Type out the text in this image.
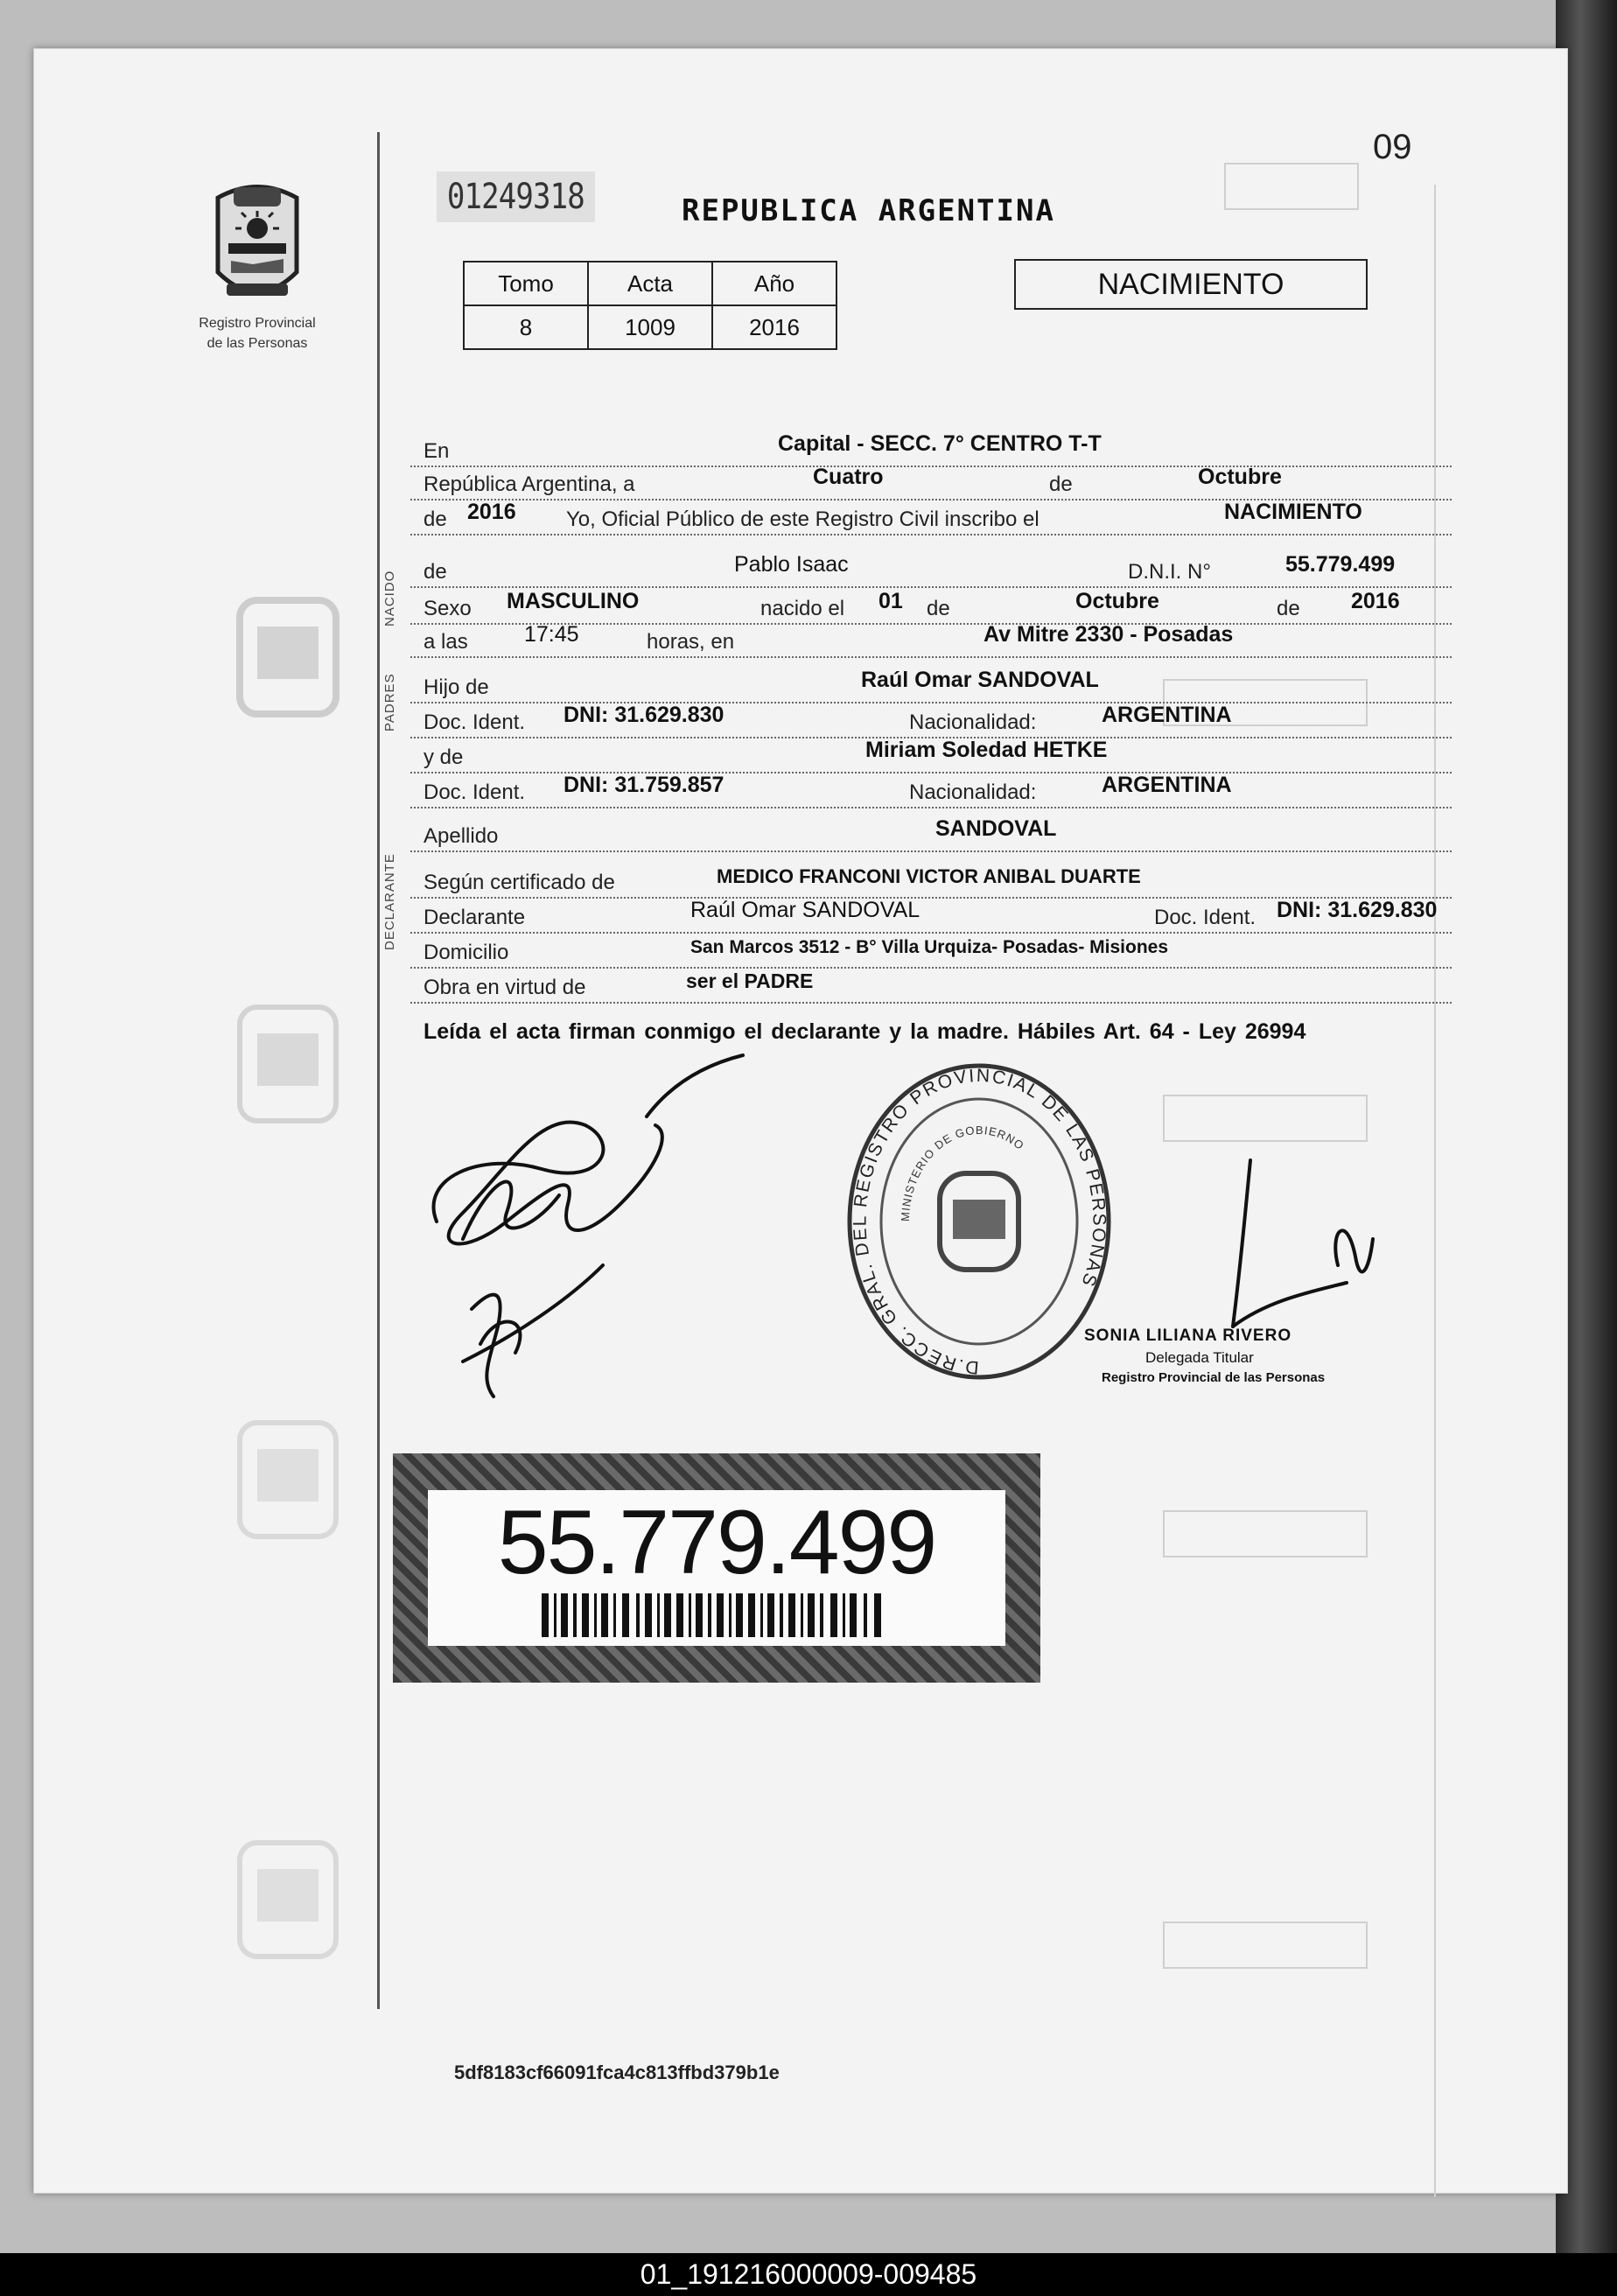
09
01249318	REPUBLICA ARGENTINA
Registro Provincial
de las Personas
Tomo	Acta	Año
8	1009	2016
NACIMIENTO
NACIDO
PADRES
DECLARANTE
En	Capital - SECC. 7° CENTRO T-T
República Argentina, a	Cuatro	de	Octubre
de 2016 Yo, Oficial Público de este Registro Civil inscribo el	NACIMIENTO
de	Pablo Isaac	D.N.I. N°	55.779.499
Sexo MASCULINO	nacido el 01 de	Octubre	de 2016
a las	17:45	horas, en	Av Mitre 2330 - Posadas
Hijo de	Raúl Omar SANDOVAL
Doc. Ident. DNI: 31.629.830	Nacionalidad:	ARGENTINA
y de	Miriam Soledad HETKE
Doc. Ident. DNI: 31.759.857	Nacionalidad:	ARGENTINA
Apellido	SANDOVAL
Según certificado de	MEDICO FRANCONI VICTOR ANIBAL DUARTE
Declarante	Raúl Omar SANDOVAL	Doc. Ident. DNI: 31.629.830
Domicilio	San Marcos 3512 - B° Villa Urquiza- Posadas- Misiones
Obra en virtud de	ser el PADRE
Leída el acta firman conmigo el declarante y la madre. Hábiles Art. 64 - Ley 26994
D.RECC. GRAL. DEL REGISTRO PROVINCIAL DE LAS PERSONAS
MINISTERIO DE GOBIERNO
SONIA LILIANA RIVERO
Delegada Titular
Registro Provincial de las Personas
55.779.499
5df8183cf66091fca4c813ffbd379b1e
01_191216000009-009485
